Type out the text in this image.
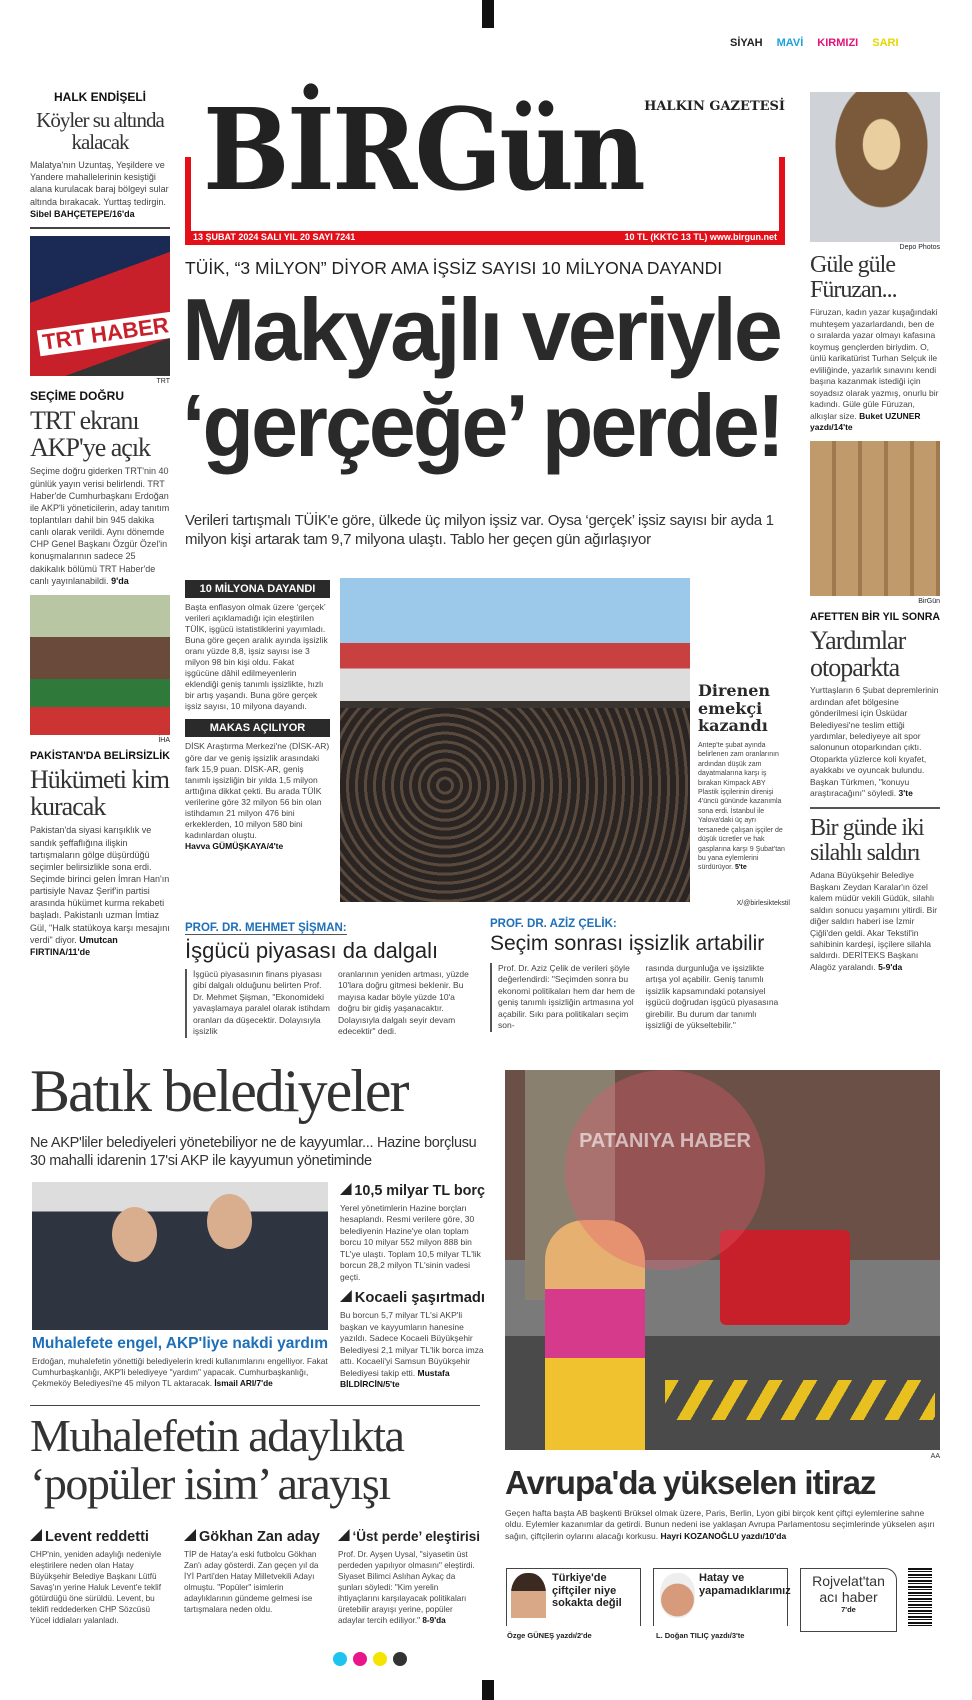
SİYAH MAVİ KIRMIZI SARI
BİRGün HALKIN GAZETESİ
13 ŞUBAT 2024 SALI YIL 20 SAYI 7241	10 TL (KKTC 13 TL) www.birgun.net
HALK ENDİŞELİ
Köyler su altında kalacak
Malatya'nın Uzuntaş, Yeşildere ve Yandere mahallelerinin kesiştiği alana kurulacak baraj bölgeyi sular altında bırakacak. Yurttaş tedirgin. Sibel BAHÇETEPE/16'da
TRT HABER
TRT
SEÇİME DOĞRU
TRT ekranı AKP'ye açık
Seçime doğru giderken TRT'nin 40 günlük yayın verisi belirlendi. TRT Haber'de Cumhurbaşkanı Erdoğan ile AKP'li yöneticilerin, aday tanıtım toplantıları dahil bin 945 dakika canlı olarak verildi. Aynı dönemde CHP Genel Başkanı Özgür Özel'in konuşmalarının sadece 25 dakikalık bölümü TRT Haber'de canlı yayınlanabildi. 9'da
İHA
PAKİSTAN'DA BELİRSİZLİK
Hükümeti kim kuracak
Pakistan'da siyasi karışıklık ve sandık şeffaflığına ilişkin tartışmaların gölge düşürdüğü seçimler belirsizlikle sona erdi. Seçimde birinci gelen İmran Han'ın partisiyle Navaz Şerif'in partisi arasında hükümet kurma rekabeti başladı. Pakistanlı uzman İmtiaz Gül, "Halk statükoya karşı mesajını verdi" diyor. Umutcan FIRTINA/11'de
TÜİK, “3 MİLYON” DİYOR AMA İŞSİZ SAYISI 10 MİLYONA DAYANDI
Makyajlı veriyle
‘gerçeğe’ perde!
Verileri tartışmalı TÜİK'e göre, ülkede üç milyon işsiz var. Oysa ‘gerçek’ işsiz sayısı bir ayda 1 milyon kişi artarak tam 9,7 milyona ulaştı. Tablo her geçen gün ağırlaşıyor
10 MİLYONA DAYANDI
Başta enflasyon olmak üzere ‘gerçek’ verileri açıklamadığı için eleştirilen TÜİK, işgücü istatistiklerini yayımladı. Buna göre geçen aralık ayında işsizlik oranı yüzde 8,8, işsiz sayısı ise 3 milyon 98 bin kişi oldu. Fakat işgücüne dâhil edilmeyenlerin eklendiği geniş tanımlı işsizlikte, hızlı bir artış yaşandı. Buna göre gerçek işsiz sayısı, 10 milyona dayandı.
MAKAS AÇILIYOR
DİSK Araştırma Merkezi'ne (DİSK-AR) göre dar ve geniş işsizlik arasındaki fark 15,9 puan. DİSK-AR, geniş tanımlı işsizliğin bir yılda 1,5 milyon arttığına dikkat çekti. Bu arada TÜİK verilerine göre 32 milyon 56 bin olan istihdamın 21 milyon 476 bini erkeklerden, 10 milyon 580 bini kadınlardan oluştu.
Havva GÜMÜŞKAYA/4'te
Direnen emekçi kazandı
Antep'te şubat ayında belirlenen zam oranlarının ardından düşük zam dayatmalarına karşı iş bırakan Kimpack ABY Plastik işçilerinin direnişi 4'üncü gününde kazanımla sona erdi. İstanbul ile Yalova'daki üç ayrı tersanede çalışan işçiler de düşük ücretler ve hak gasplarına karşı 9 Şubat'tan bu yana eylemlerini sürdürüyor. 5'te
X/@birlesiktekstil
PROF. DR. MEHMET ŞİŞMAN:
İşgücü piyasası da dalgalı
İşgücü piyasasının finans piyasası gibi dalgalı olduğunu belirten Prof. Dr. Mehmet Şişman, "Ekonomideki yavaşlamaya paralel olarak istihdam oranları da düşecektir. Dolayısıyla işsizlik
oranlarının yeniden artması, yüzde 10'lara doğru gitmesi beklenir. Bu mayısa kadar böyle yüzde 10'a doğru bir gidiş yaşanacaktır. Dolayısıyla dalgalı seyir devam edecektir" dedi.
PROF. DR. AZİZ ÇELİK:
Seçim sonrası işsizlik artabilir
Prof. Dr. Aziz Çelik de verileri şöyle değerlendirdi: "Seçimden sonra bu ekonomi politikaları hem dar hem de geniş tanımlı işsizliğin artmasına yol açabilir. Sıkı para politikaları seçim son-
rasında durgunluğa ve işsizlikte artışa yol açabilir. Geniş tanımlı işsizlik kapsamındaki potansiyel işgücü doğrudan işgücü piyasasına girebilir. Bu durum dar tanımlı işsizliği de yükseltebilir."
Depo Photos
Güle güle Füruzan...
Füruzan, kadın yazar kuşağındaki muhteşem yazarlardandı, ben de o sıralarda yazar olmayı kafasına koymuş gençlerden biriydim. O, ünlü karikatürist Turhan Selçuk ile evliliğinde, yazarlık sınavını kendi başına kazanmak istediği için soyadsız olarak yazmış, onurlu bir kadındı. Güle güle Füruzan, alkışlar size. Buket UZUNER yazdı/14'te
BirGün
AFETTEN BİR YIL SONRA
Yardımlar otoparkta
Yurttaşların 6 Şubat depremlerinin ardından afet bölgesine gönderilmesi için Üsküdar Belediyesi'ne teslim ettiği yardımlar, belediyeye ait spor salonunun otoparkından çıktı. Otoparkta yüzlerce koli kıyafet, ayakkabı ve oyuncak bulundu. Başkan Türkmen, "konuyu araştıracağını" söyledi. 3'te
Bir günde iki silahlı saldırı
Adana Büyükşehir Belediye Başkanı Zeydan Karalar'ın özel kalem müdür vekili Güdük, silahlı saldırı sonucu yaşamını yitirdi. Bir diğer saldırı haberi ise İzmir Çiğli'den geldi. Akar Tekstil'in sahibinin kardeşi, işçilere silahla saldırdı. DERİTEKS Başkanı Alagöz yaralandı. 5-9'da
Batık belediyeler
Ne AKP'liler belediyeleri yönetebiliyor ne de kayyumlar... Hazine borçlusu 30 mahalli idarenin 17'si AKP ile kayyumun yönetiminde
Muhalefete engel, AKP'liye nakdi yardım
Erdoğan, muhalefetin yönettiği belediyelerin kredi kullanımlarını engelliyor. Fakat Cumhurbaşkanlığı, AKP'li belediyeye "yardım" yapacak. Cumhurbaşkanlığı, Çekmeköy Belediyesi'ne 45 milyon TL aktaracak. İsmail ARI/7'de
10,5 milyar TL borç
Yerel yönetimlerin Hazine borçları hesaplandı. Resmi verilere göre, 30 belediyenin Hazine'ye olan toplam borcu 10 milyar 552 milyon 888 bin TL'ye ulaştı. Toplam 10,5 milyar TL'lik borcun 28,2 milyon TL'sinin vadesi geçti.
Kocaeli şaşırtmadı
Bu borcun 5,7 milyar TL'si AKP'li başkan ve kayyumların hanesine yazıldı. Sadece Kocaeli Büyükşehir Belediyesi 2,1 milyar TL'lik borca imza attı. Kocaeli'yi Samsun Büyükşehir Belediyesi takip etti. Mustafa BİLDİRCİN/5'te
Muhalefetin adaylıkta
‘popüler isim’ arayışı
Levent reddetti
CHP'nin, yeniden adaylığı nedeniyle eleştirilere neden olan Hatay Büyükşehir Belediye Başkanı Lütfü Savaş'ın yerine Haluk Levent'e teklif götürdüğü öne sürüldü. Levent, bu teklifi reddederken CHP Sözcüsü Yücel iddiaları yalanladı.
Gökhan Zan aday
TİP de Hatay'a eski futbolcu Gökhan Zan'ı aday gösterdi. Zan geçen yıl da İYİ Parti'den Hatay Milletvekili Adayı olmuştu. "Popüler" isimlerin adaylıklarının gündeme gelmesi ise tartışmalara neden oldu.
‘Üst perde’ eleştirisi
Prof. Dr. Ayşen Uysal, "siyasetin üst perdeden yapılıyor olmasını" eleştirdi. Siyaset Bilimci Aslıhan Aykaç da şunları söyledi: "Kim yerelin ihtiyaçlarını karşılayacak politikaları üretebilir arayışı yerine, popüler adaylar tercih ediliyor." 8-9'da
PATANIYA HABER
AA
Avrupa'da yükselen itiraz
Geçen hafta başta AB başkenti Brüksel olmak üzere, Paris, Berlin, Lyon gibi birçok kent çiftçi eylemlerine sahne oldu. Eylemler kazanımlar da getirdi. Bunun nedeni ise yaklaşan Avrupa Parlamentosu seçimlerinde yükselen aşırı sağın, çiftçilerin oylarını alacağı korkusu. Hayri KOZANOĞLU yazdı/10'da
Türkiye'de çiftçiler niye sokakta değil
Özge GÜNEŞ yazdı/2'de
Hatay ve yapamadıklarımız
L. Doğan TILIÇ yazdı/3'te
Rojvelat'tan acı haber
7'de
